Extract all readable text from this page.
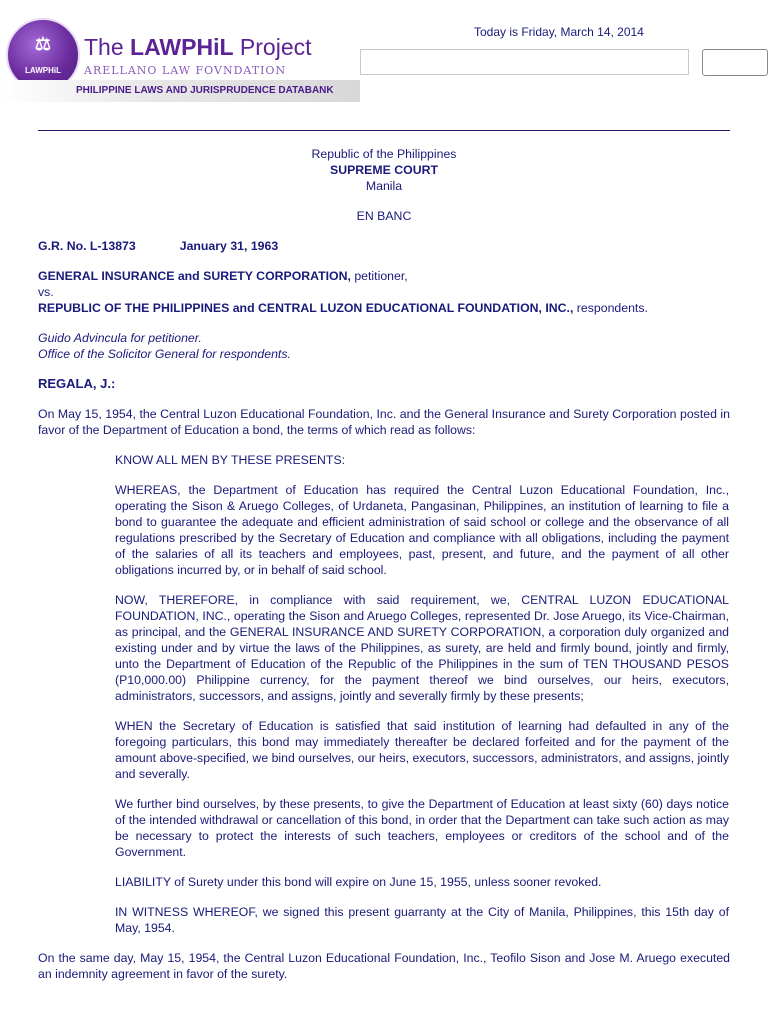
⚖
LAWPHiL
The LAWPHiL Project
ARELLANO LAW FOVNDATION
PHILIPPINE LAWS AND JURISPRUDENCE DATABANK
Today is Friday, March 14, 2014
Republic of the Philippines
SUPREME COURT
Manila
EN BANC
G.R. No. L-13873	January 31, 1963
GENERAL INSURANCE and SURETY CORPORATION, petitioner,
vs.
REPUBLIC OF THE PHILIPPINES and CENTRAL LUZON EDUCATIONAL FOUNDATION, INC., respondents.
Guido Advincula for petitioner.
Office of the Solicitor General for respondents.
REGALA, J.:

On May 15, 1954, the Central Luzon Educational Foundation, Inc. and the General Insurance and Surety Corporation posted in favor of the Department of Education a bond, the terms of which read as follows:

KNOW ALL MEN BY THESE PRESENTS:

WHEREAS, the Department of Education has required the Central Luzon Educational Foundation, Inc., operating the Sison & Aruego Colleges, of Urdaneta, Pangasinan, Philippines, an institution of learning to file a bond to guarantee the adequate and efficient administration of said school or college and the observance of all regulations prescribed by the Secretary of Education and compliance with all obligations, including the payment of the salaries of all its teachers and employees, past, present, and future, and the payment of all other obligations incurred by, or in behalf of said school.

NOW, THEREFORE, in compliance with said requirement, we, CENTRAL LUZON EDUCATIONAL FOUNDATION, INC., operating the Sison and Aruego Colleges, represented Dr. Jose Aruego, its Vice-Chairman, as principal, and the GENERAL INSURANCE AND SURETY CORPORATION, a corporation duly organized and existing under and by virtue the laws of the Philippines, as surety, are held and firmly bound, jointly and firmly, unto the Department of Education of the Republic of the Philippines in the sum of TEN THOUSAND PESOS (P10,000.00) Philippine currency, for the payment thereof we bind ourselves, our heirs, executors, administrators, successors, and assigns, jointly and severally firmly by these presents;

WHEN the Secretary of Education is satisfied that said institution of learning had defaulted in any of the foregoing particulars, this bond may immediately thereafter be declared forfeited and for the payment of the amount above-specified, we bind ourselves, our heirs, executors, successors, administrators, and assigns, jointly and severally.

We further bind ourselves, by these presents, to give the Department of Education at least sixty (60) days notice of the intended withdrawal or cancellation of this bond, in order that the Department can take such action as may be necessary to protect the interests of such teachers, employees or creditors of the school and of the Government.

LIABILITY of Surety under this bond will expire on June 15, 1955, unless sooner revoked.

IN WITNESS WHEREOF, we signed this present guarranty at the City of Manila, Philippines, this 15th day of May, 1954.

On the same day, May 15, 1954, the Central Luzon Educational Foundation, Inc., Teofilo Sison and Jose M. Aruego executed an indemnity agreement in favor of the surety.
